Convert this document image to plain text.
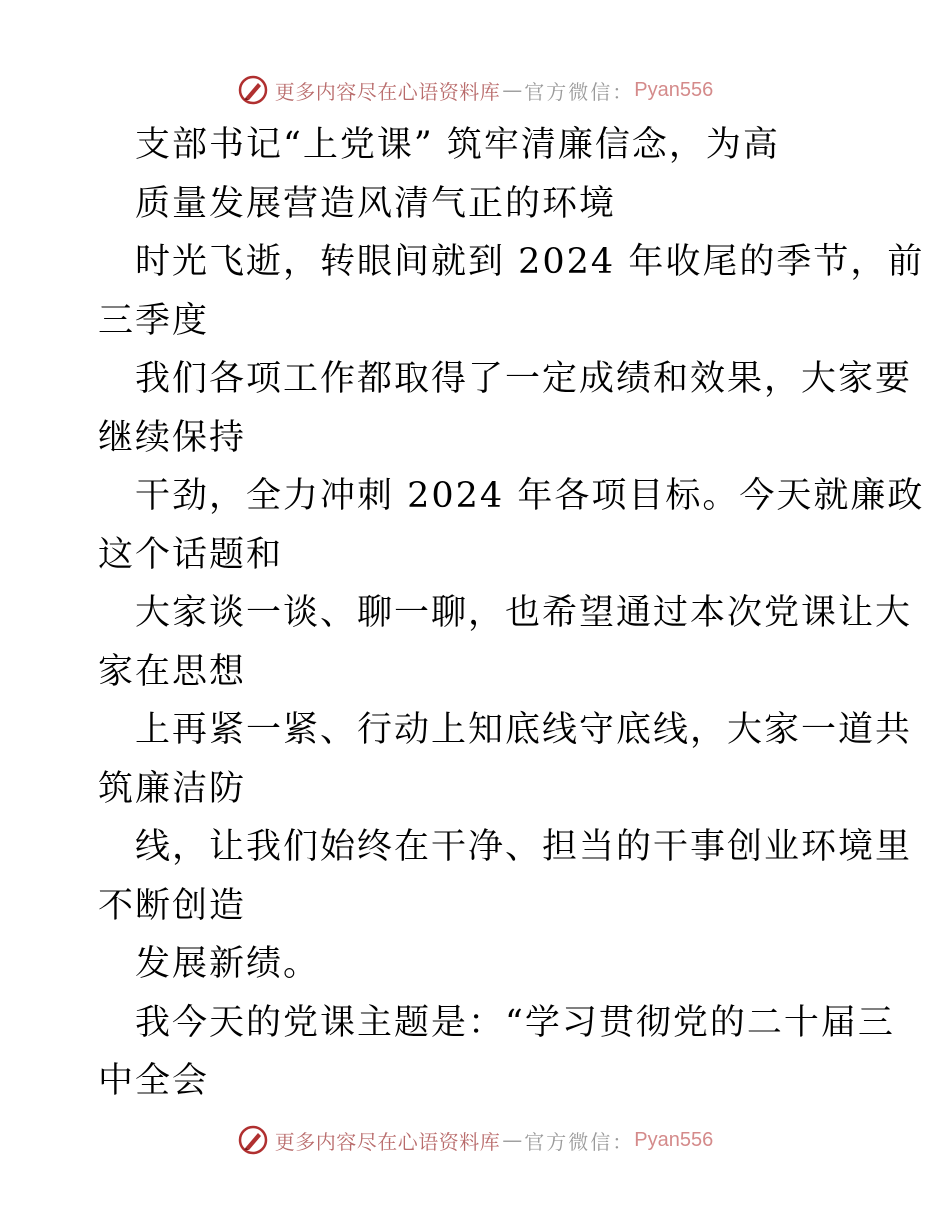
更多内容尽在心语资料库 — 官方微信： Pyan556
支部书记“上党课” 筑牢清廉信念，为高
质量发展营造风清气正的环境
时光飞逝，转眼间就到 2024 年收尾的季节，前
三季度
我们各项工作都取得了一定成绩和效果，大家要
继续保持
干劲，全力冲刺 2024 年各项目标。今天就廉政
这个话题和
大家谈一谈、聊一聊，也希望通过本次党课让大
家在思想
上再紧一紧、行动上知底线守底线，大家一道共
筑廉洁防
线，让我们始终在干净、担当的干事创业环境里
不断创造
发展新绩。
我今天的党课主题是：“学习贯彻党的二十届三
中全会
更多内容尽在心语资料库 — 官方微信： Pyan556
